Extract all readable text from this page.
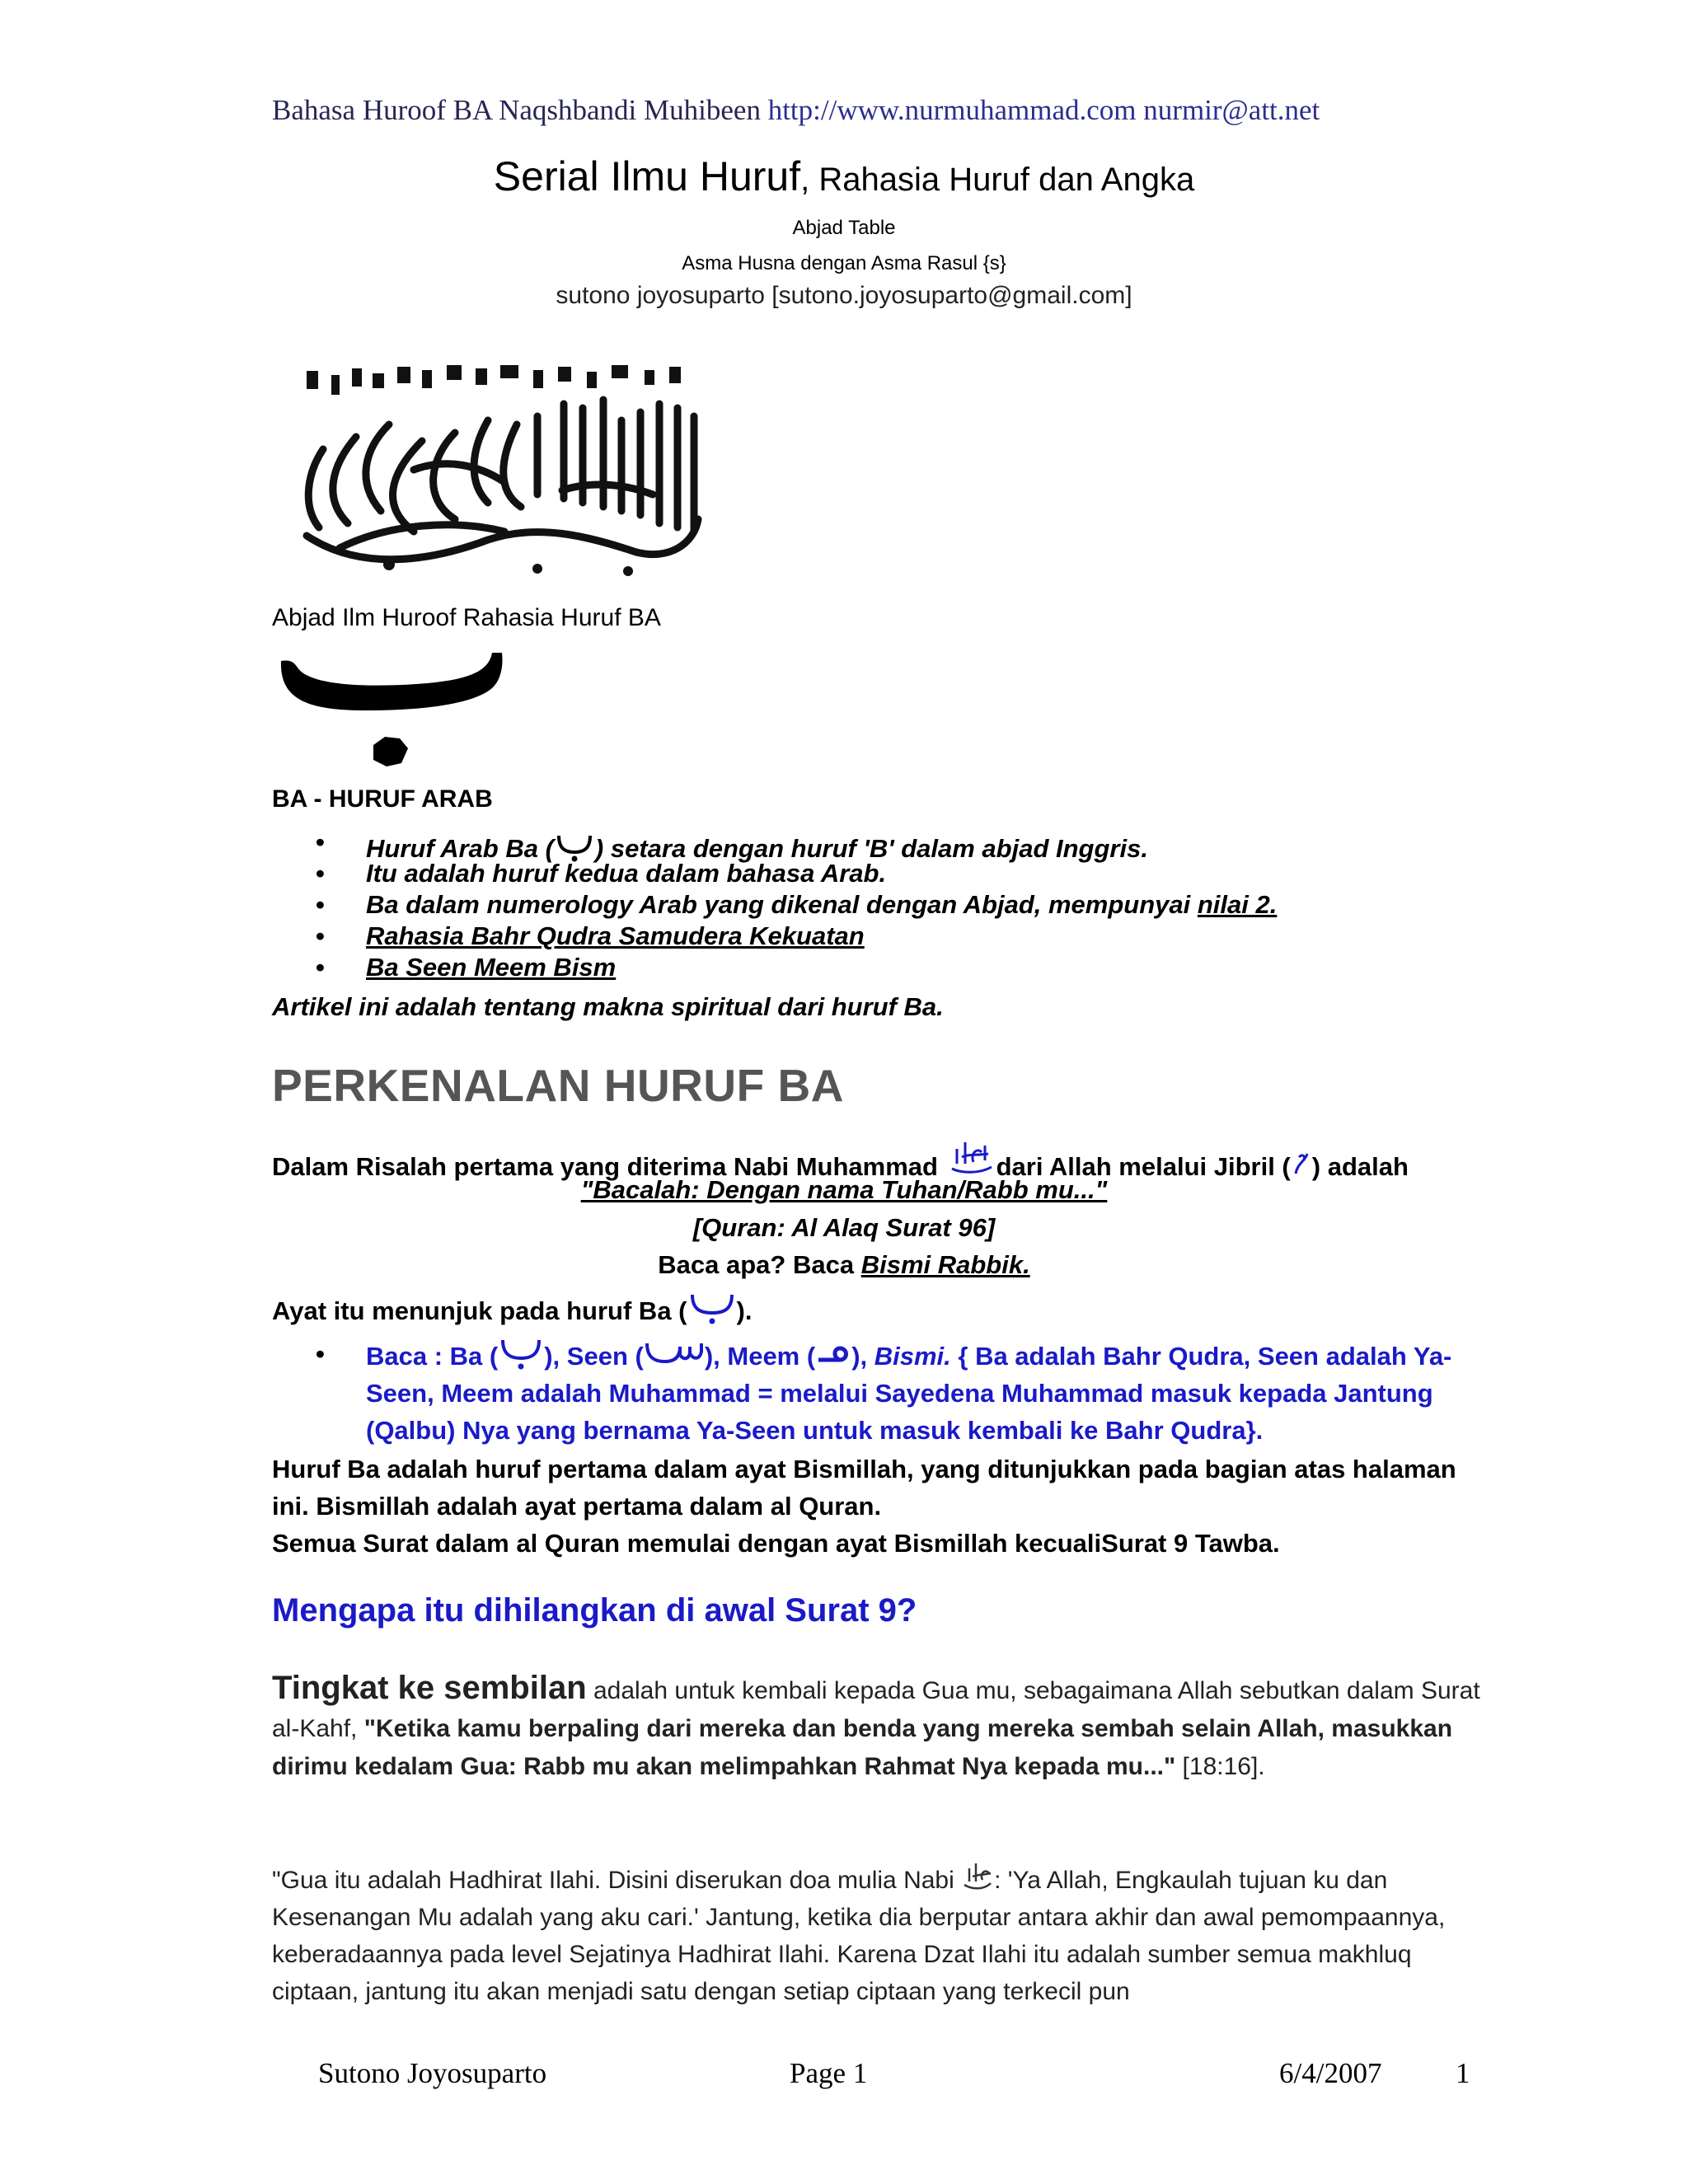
Bahasa Huroof BA Naqshbandi Muhibeen http://www.nurmuhammad.com nurmir@att.net
Serial Ilmu Huruf, Rahasia Huruf dan Angka
Abjad Table
Asma Husna dengan Asma Rasul {s}
sutono joyosuparto [sutono.joyosuparto@gmail.com]
Abjad Ilm Huroof Rahasia Huruf BA
BA - HURUF ARAB
• Huruf Arab Ba ( ) setara dengan huruf 'B' dalam abjad Inggris.
• Itu adalah huruf kedua dalam bahasa Arab.
• Ba dalam numerology Arab yang dikenal dengan Abjad, mempunyai nilai 2.
• Rahasia Bahr Qudra Samudera Kekuatan
• Ba Seen Meem Bism
Artikel ini adalah tentang makna spiritual dari huruf Ba.
PERKENALAN HURUF BA
Dalam Risalah pertama yang diterima Nabi Muhammad dari Allah melalui Jibril ( ) adalah
"Bacalah: Dengan nama Tuhan/Rabb mu..."
[Quran: Al Alaq Surat 96]
Baca apa? Baca Bismi Rabbik.
Ayat itu menunjuk pada huruf Ba ( ).
•	Baca : Ba ( ), Seen ( ), Meem ( ), Bismi. { Ba adalah Bahr Qudra, Seen adalah Ya-Seen, Meem adalah Muhammad = melalui Sayedena Muhammad masuk kepada Jantung (Qalbu) Nya yang bernama Ya-Seen untuk masuk kembali ke Bahr Qudra}.
Huruf Ba adalah huruf pertama dalam ayat Bismillah, yang ditunjukkan pada bagian atas halaman ini. Bismillah adalah ayat pertama dalam al Quran.
Semua Surat dalam al Quran memulai dengan ayat Bismillah kecualiSurat 9 Tawba.
Mengapa itu dihilangkan di awal Surat 9?
Tingkat ke sembilan adalah untuk kembali kepada Gua mu, sebagaimana Allah sebutkan dalam Surat al-Kahf, "Ketika kamu berpaling dari mereka dan benda yang mereka sembah selain Allah, masukkan dirimu kedalam Gua: Rabb mu akan melimpahkan Rahmat Nya kepada mu..." [18:16].
"Gua itu adalah Hadhirat Ilahi. Disini diserukan doa mulia Nabi : 'Ya Allah, Engkaulah tujuan ku dan Kesenangan Mu adalah yang aku cari.' Jantung, ketika dia berputar antara akhir dan awal pemompaannya, keberadaannya pada level Sejatinya Hadhirat Ilahi. Karena Dzat Ilahi itu adalah sumber semua makhluq ciptaan, jantung itu akan menjadi satu dengan setiap ciptaan yang terkecil pun
Sutono Joyosuparto	Page 1	6/4/2007	1
